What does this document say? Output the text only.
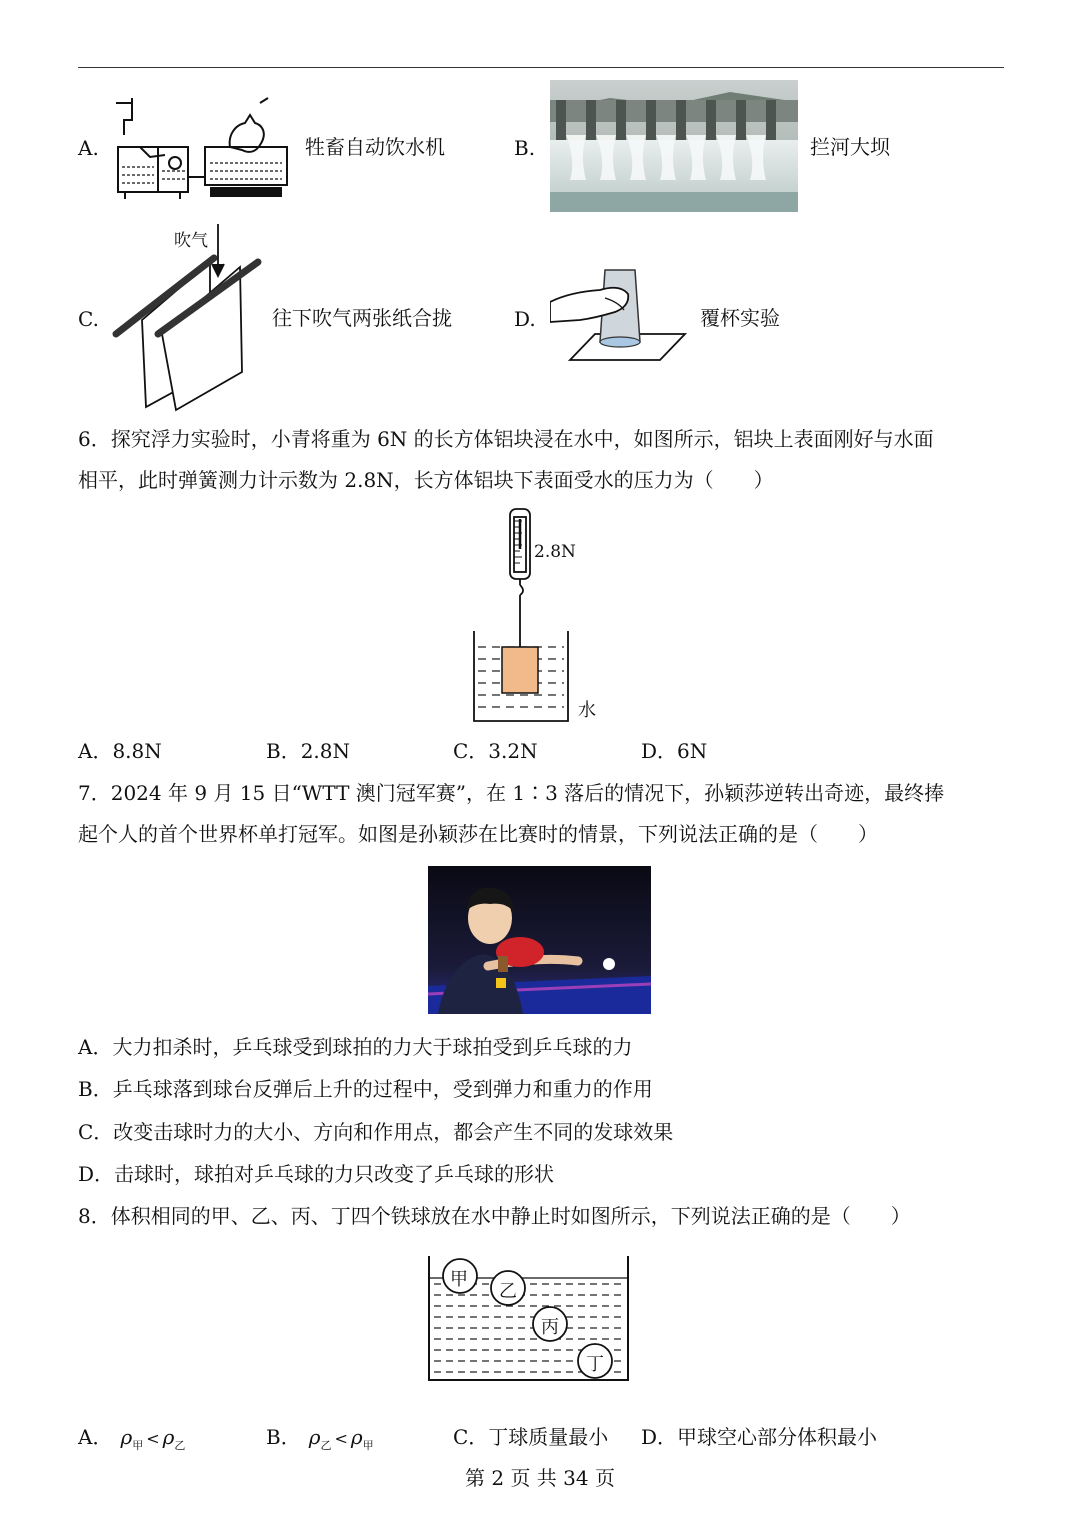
A.	牲畜自动饮水机	B.	拦河大坝
C.
吹气
往下吹气两张纸合拢	D.	覆杯实验
6．探究浮力实验时，小青将重为 6N 的长方体铝块浸在水中，如图所示，铝块上表面刚好与水面
相平，此时弹簧测力计示数为 2.8N，长方体铝块下表面受水的压力为（　　）
2.8N
水
A．8.8N	B．2.8N	C．3.2N	D．6N
7．2024 年 9 月 15 日“WTT 澳门冠军赛”，在 1∶3 落后的情况下，孙颖莎逆转出奇迹，最终捧
起个人的首个世界杯单打冠军。如图是孙颖莎在比赛时的情景，下列说法正确的是（　　）
A．大力扣杀时，乒乓球受到球拍的力大于球拍受到乒乓球的力
B．乒乓球落到球台反弹后上升的过程中，受到弹力和重力的作用
C．改变击球时力的大小、方向和作用点，都会产生不同的发球效果
D．击球时，球拍对乒乓球的力只改变了乒乓球的形状
8．体积相同的甲、乙、丙、丁四个铁球放在水中静止时如图所示，下列说法正确的是（　　）
甲
乙
丙
丁
A． $\rho_甲 < \rho_乙$	B． $\rho_乙 < \rho_甲$	C．丁球质量最小 D．甲球空心部分体积最小
第 2 页 共 34 页
